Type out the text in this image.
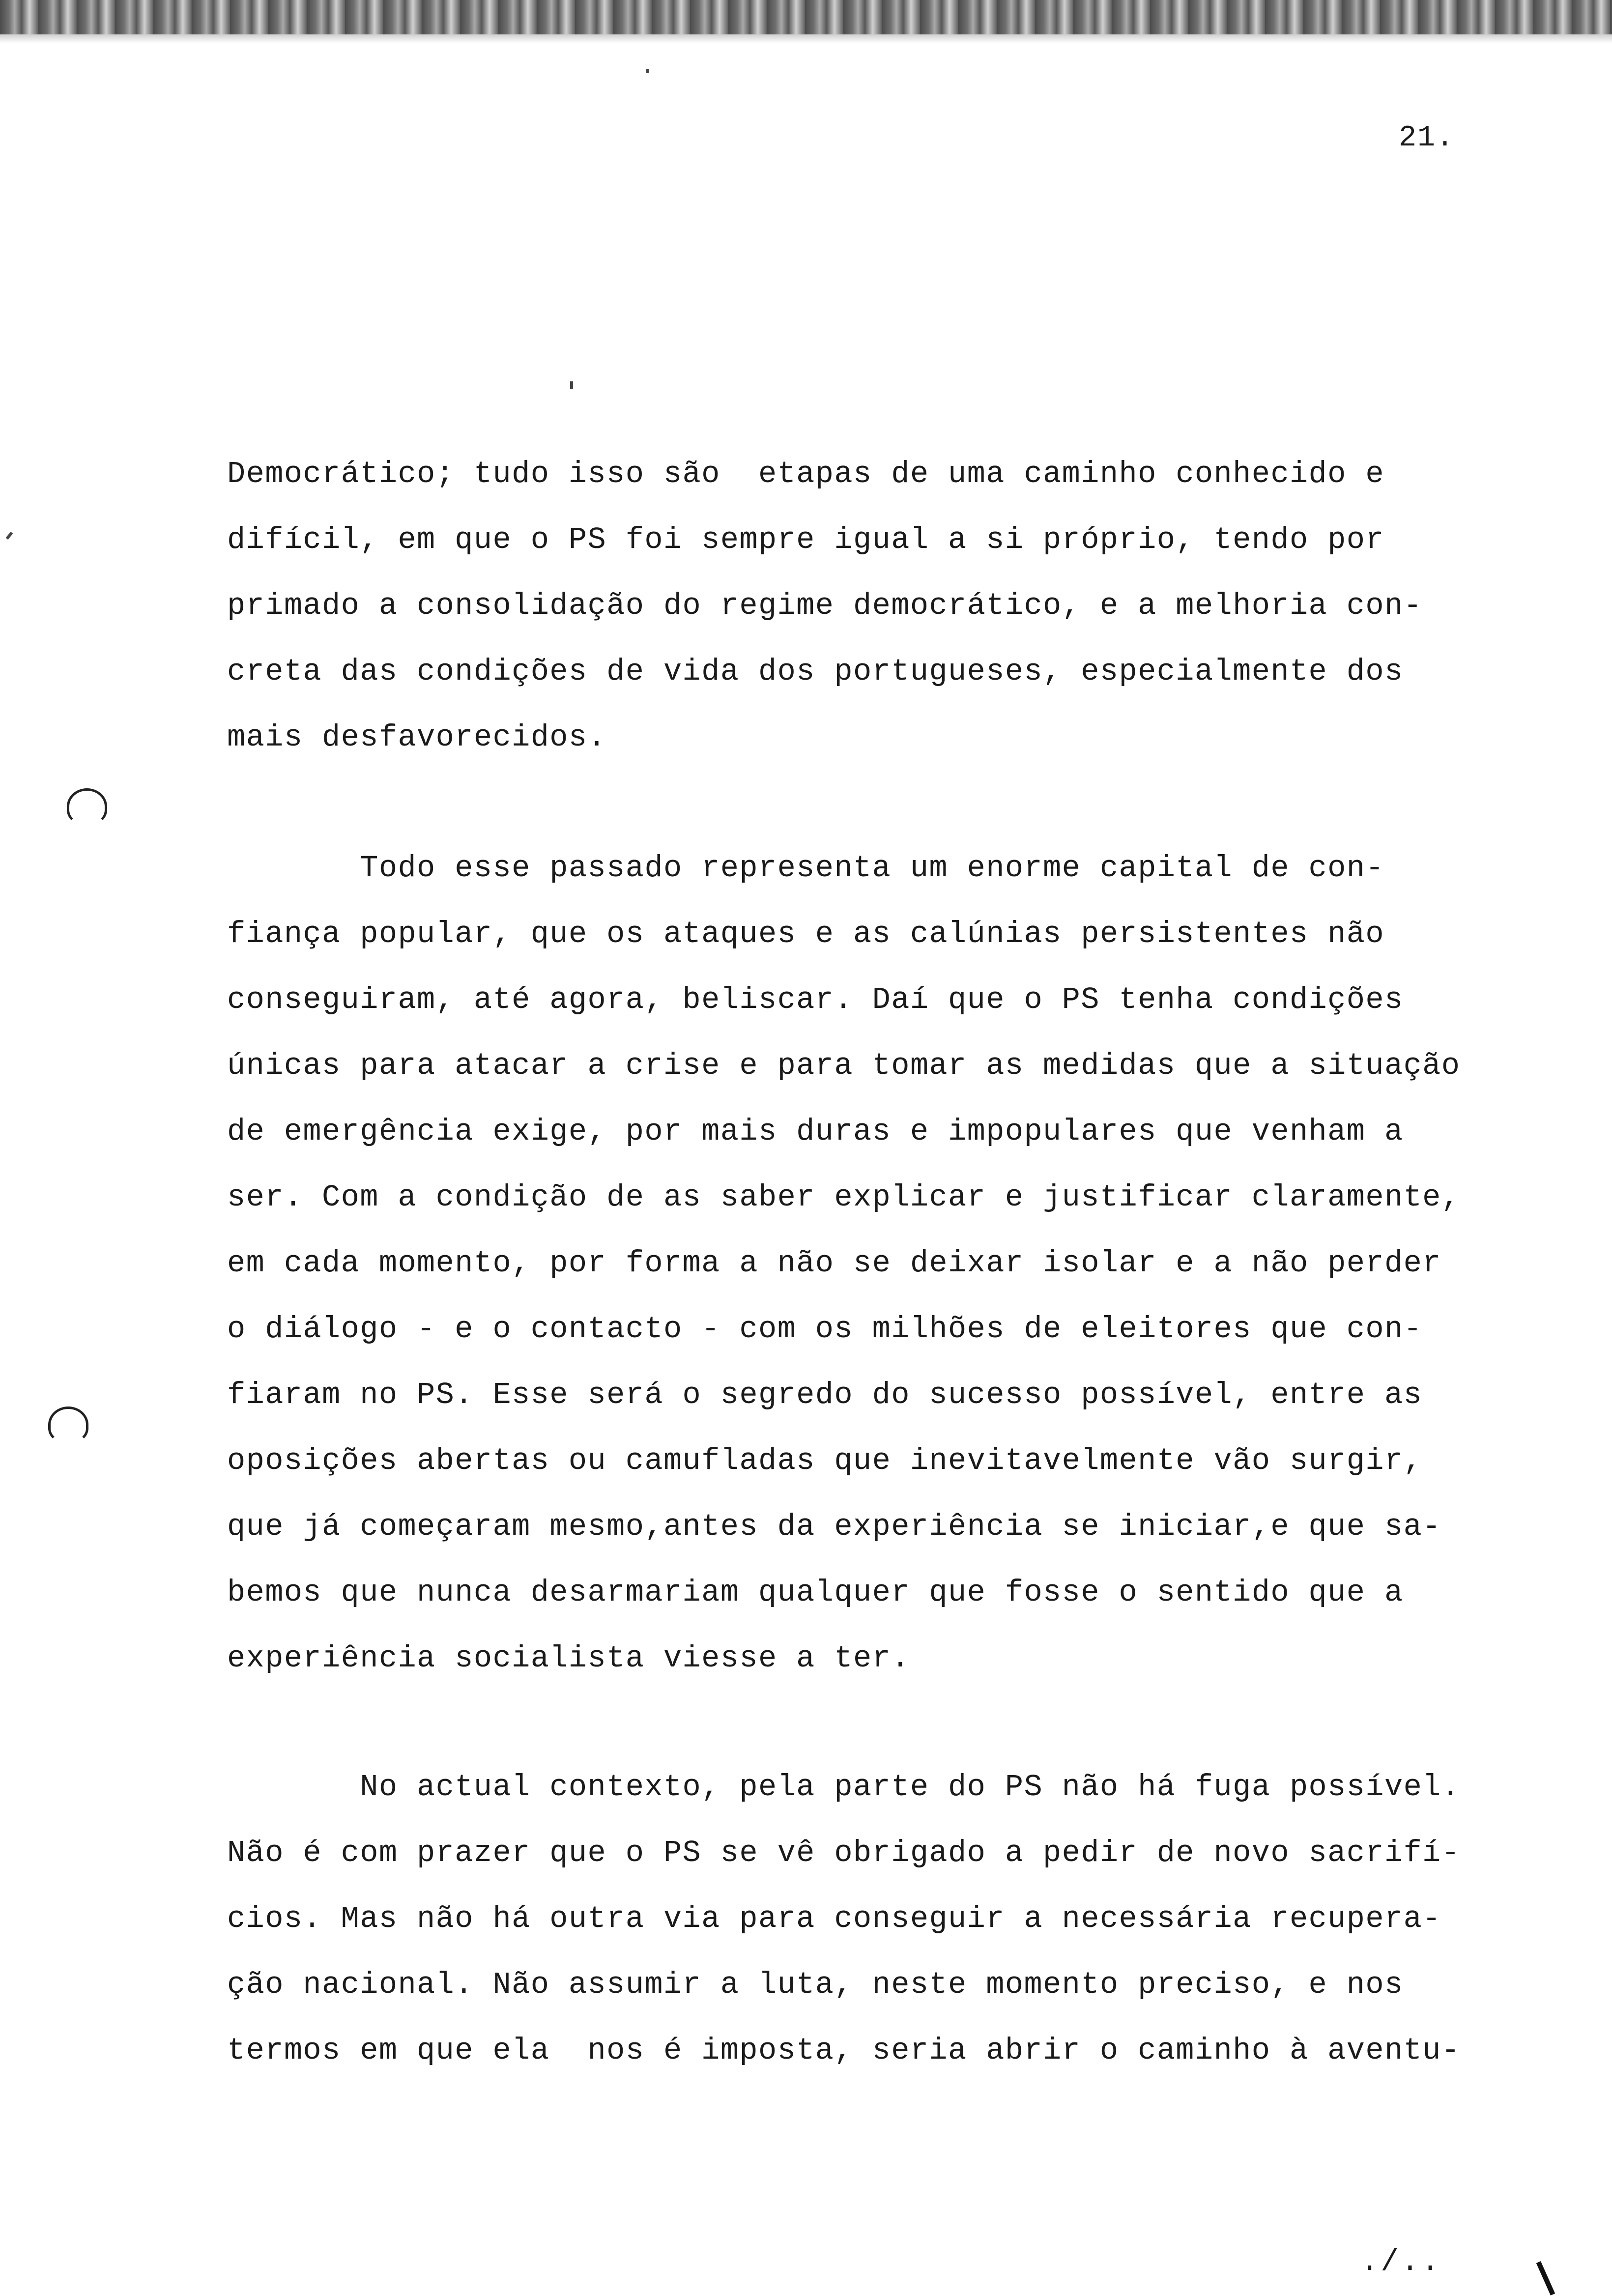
21.
Democrático; tudo isso são  etapas de uma caminho conhecido e
difícil, em que o PS foi sempre igual a si próprio, tendo por
primado a consolidação do regime democrático, e a melhoria con-
creta das condições de vida dos portugueses, especialmente dos
mais desfavorecidos.
Todo esse passado representa um enorme capital de con-
fiança popular, que os ataques e as calúnias persistentes não
conseguiram, até agora, beliscar. Daí que o PS tenha condições
únicas para atacar a crise e para tomar as medidas que a situação
de emergência exige, por mais duras e impopulares que venham a
ser. Com a condição de as saber explicar e justificar claramente,
em cada momento, por forma a não se deixar isolar e a não perder
o diálogo - e o contacto - com os milhões de eleitores que con-
fiaram no PS. Esse será o segredo do sucesso possível, entre as
oposições abertas ou camufladas que inevitavelmente vão surgir,
que já começaram mesmo,antes da experiência se iniciar,e que sa-
bemos que nunca desarmariam qualquer que fosse o sentido que a
experiência socialista viesse a ter.
No actual contexto, pela parte do PS não há fuga possível.
Não é com prazer que o PS se vê obrigado a pedir de novo sacrifí-
cios. Mas não há outra via para conseguir a necessária recupera-
ção nacional. Não assumir a luta, neste momento preciso, e nos
termos em que ela  nos é imposta, seria abrir o caminho à aventu-
./..
